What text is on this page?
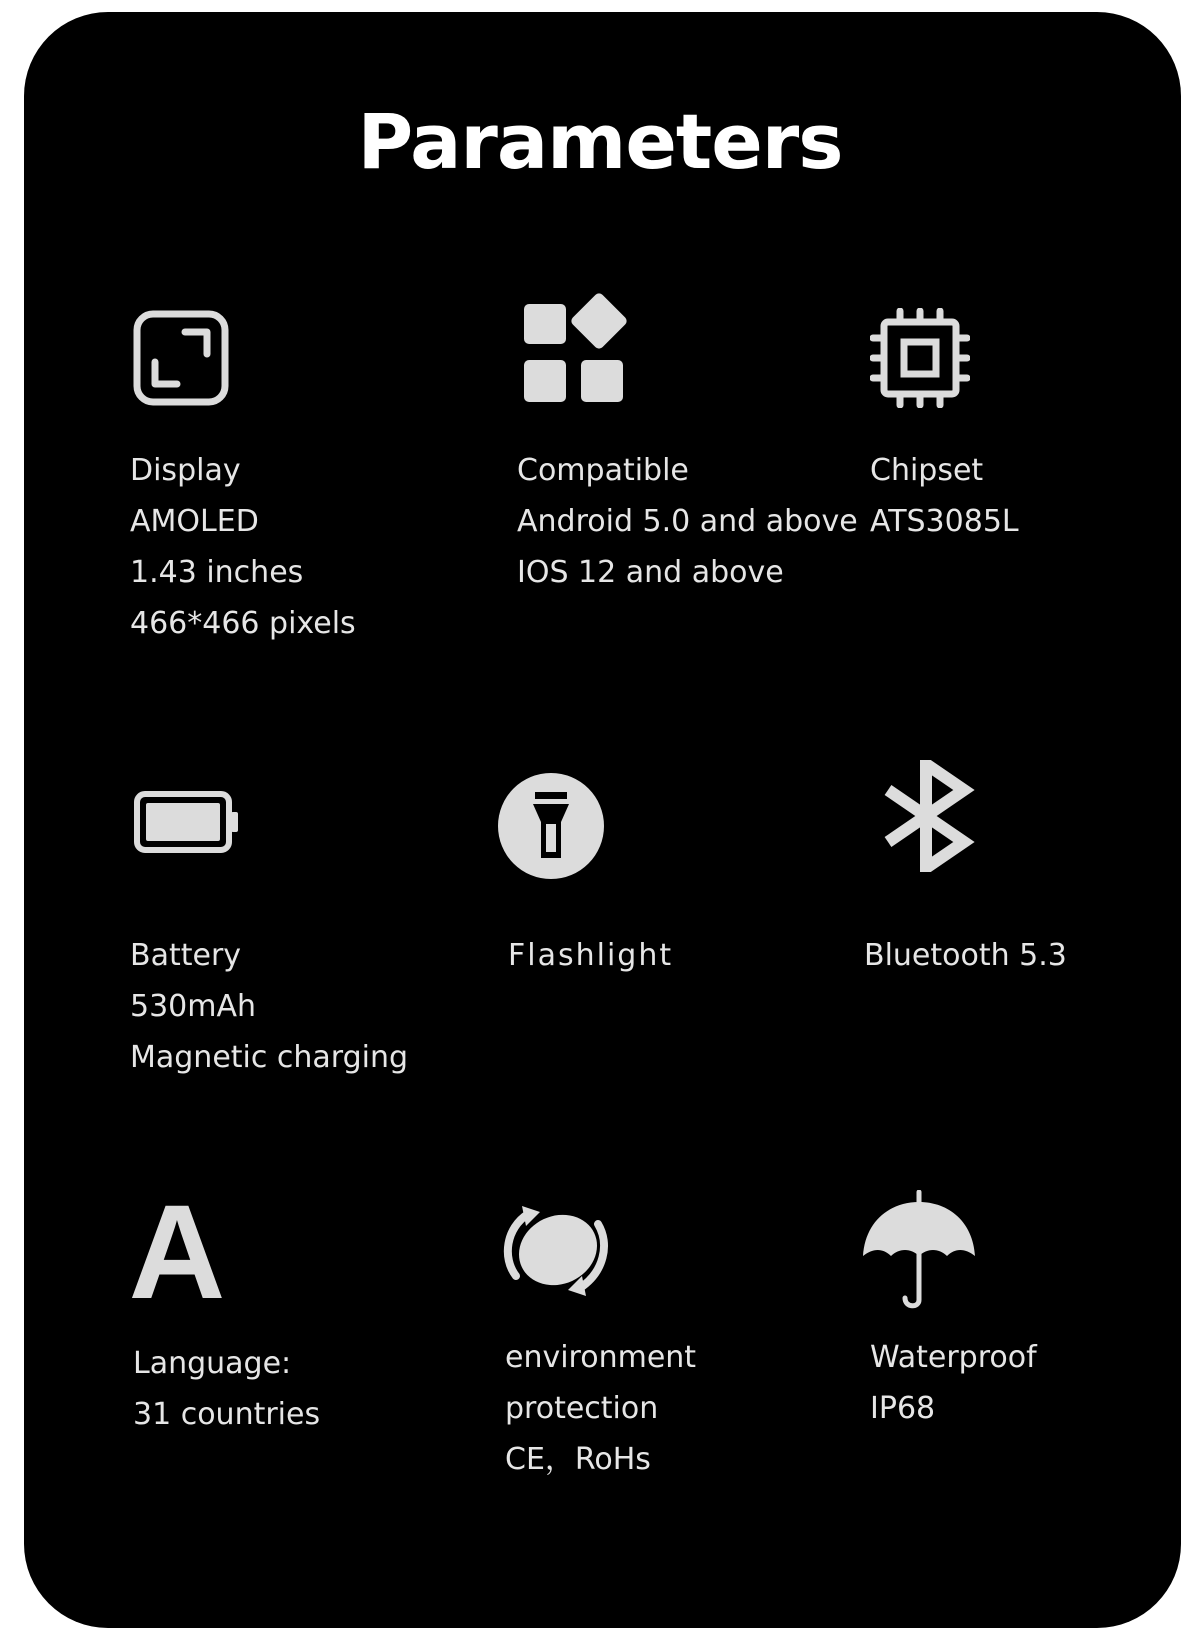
Parameters
Display
AMOLED
1.43 inches
466*466 pixels
Compatible
Android 5.0 and above
IOS 12 and above
Chipset
ATS3085L
Battery
530mAh
Magnetic charging
Flashlight	Bluetooth 5.3
A
Language:
31 countries
environment
protection
CE，RoHs
Waterproof
IP68
